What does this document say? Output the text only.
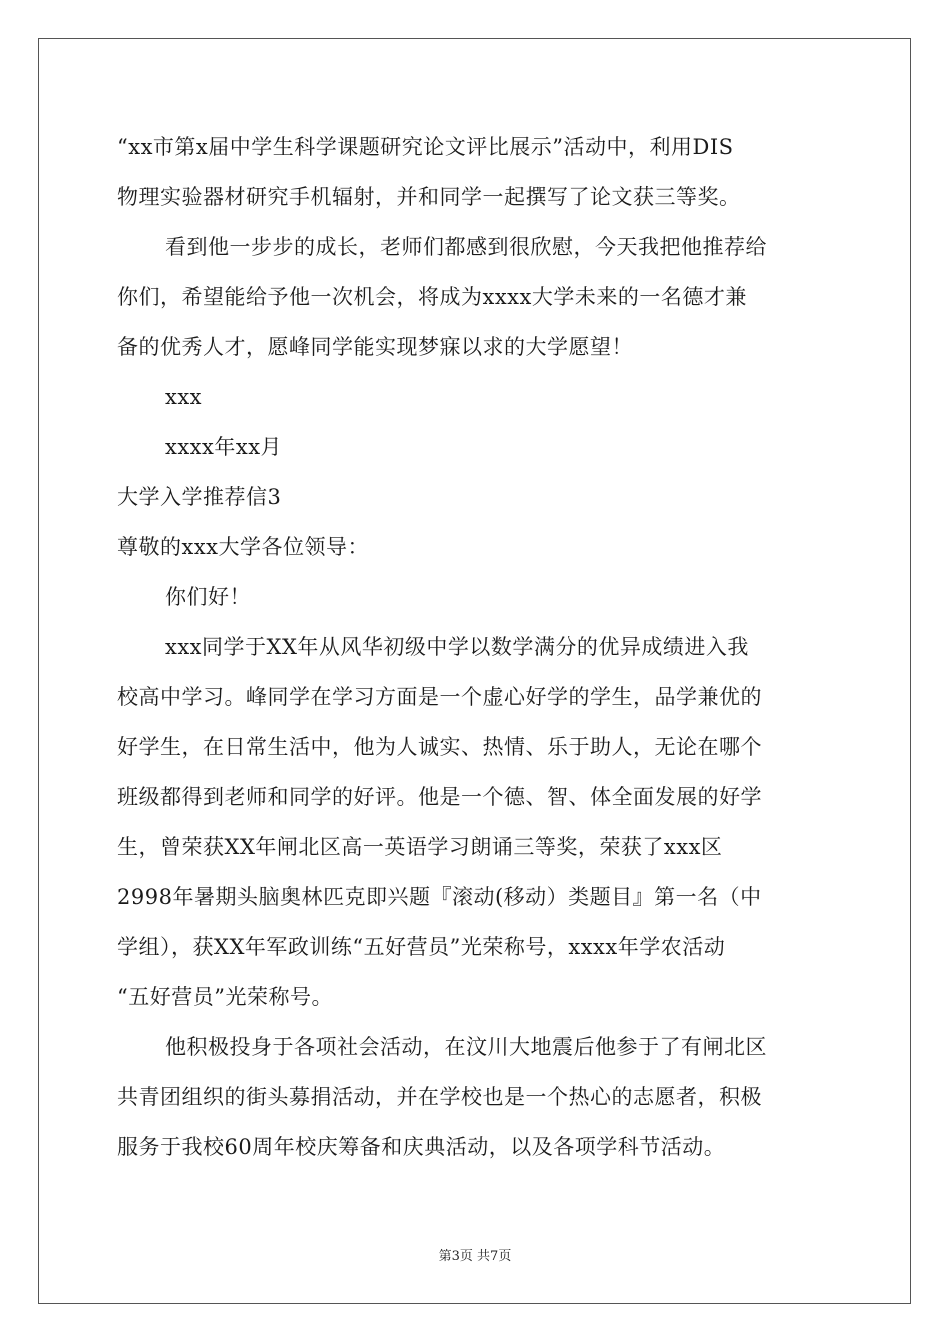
“xx市第x届中学生科学课题研究论文评比展示”活动中，利用DIS
物理实验器材研究手机辐射，并和同学一起撰写了论文获三等奖。
看到他一步步的成长，老师们都感到很欣慰，今天我把他推荐给
你们，希望能给予他一次机会，将成为xxxx大学未来的一名德才兼
备的优秀人才，愿峰同学能实现梦寐以求的大学愿望！
xxx
xxxx年xx月
大学入学推荐信3
尊敬的xxx大学各位领导：
你们好！
xxx同学于XX年从风华初级中学以数学满分的优异成绩进入我
校高中学习。峰同学在学习方面是一个虚心好学的学生，品学兼优的
好学生，在日常生活中，他为人诚实、热情、乐于助人，无论在哪个
班级都得到老师和同学的好评。他是一个德、智、体全面发展的好学
生，曾荣获XX年闸北区高一英语学习朗诵三等奖，荣获了xxx区
2998年暑期头脑奥林匹克即兴题『滚动(移动）类题目』第一名（中
学组），获XX年军政训练“五好营员”光荣称号，xxxx年学农活动
“五好营员”光荣称号。
他积极投身于各项社会活动，在汶川大地震后他参于了有闸北区
共青团组织的街头募捐活动，并在学校也是一个热心的志愿者，积极
服务于我校60周年校庆筹备和庆典活动，以及各项学科节活动。
第3页 共7页
